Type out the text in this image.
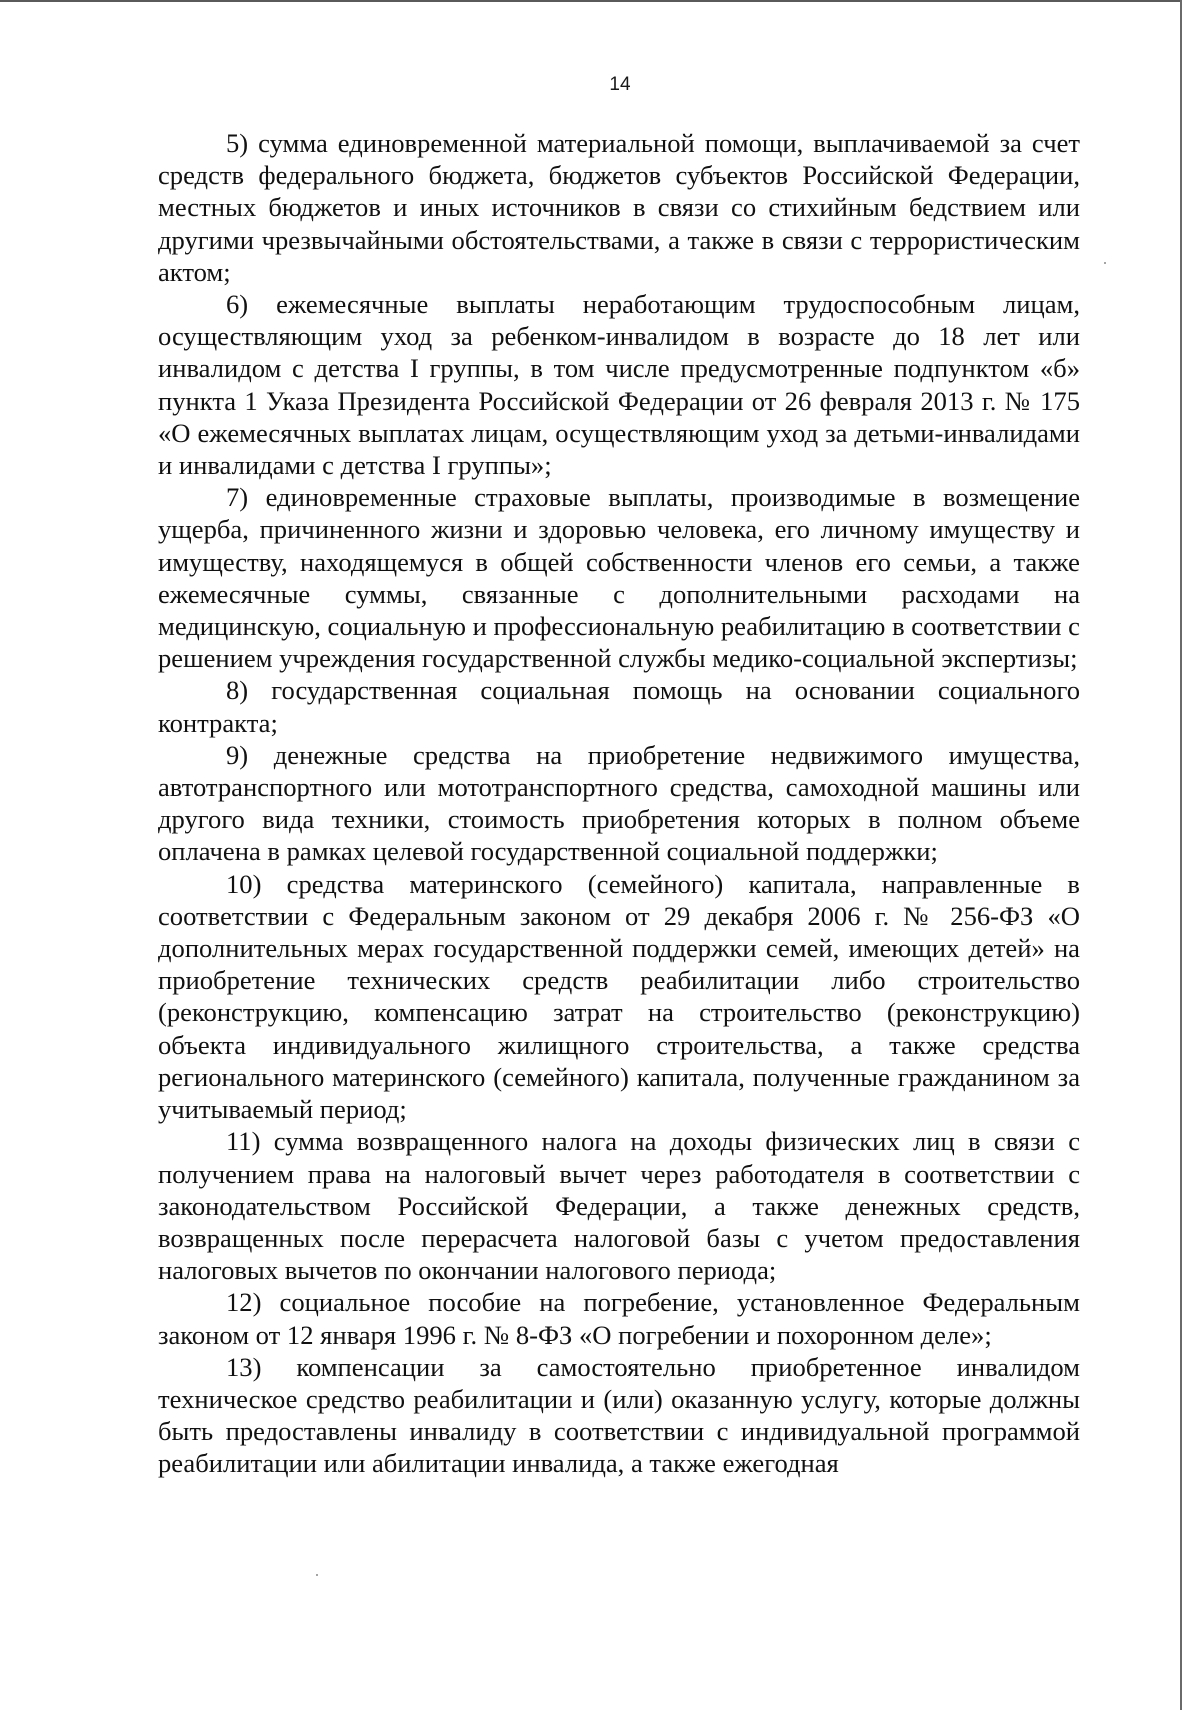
14

5) сумма единовременной материальной помощи, выплачиваемой за счет средств федерального бюджета, бюджетов субъектов Российской Федерации, местных бюджетов и иных источников в связи со стихийным бедствием или другими чрезвычайными обстоятельствами, а также в связи с террористическим актом;

6) ежемесячные выплаты неработающим трудоспособным лицам, осуществляющим уход за ребенком-инвалидом в возрасте до 18 лет или инвалидом с детства I группы, в том числе предусмотренные подпунктом «б» пункта 1 Указа Президента Российской Федерации от 26 февраля 2013 г. № 175 «О ежемесячных выплатах лицам, осуществляющим уход за детьми-инвалидами и инвалидами с детства I группы»;

7) единовременные страховые выплаты, производимые в возмещение ущерба, причиненного жизни и здоровью человека, его личному имуществу и имуществу, находящемуся в общей собственности членов его семьи, а также ежемесячные суммы, связанные с дополнительными расходами на медицинскую, социальную и профессиональную реабилитацию в соответствии с решением учреждения государственной службы медико-социальной экспертизы;

8) государственная социальная помощь на основании социального контракта;

9) денежные средства на приобретение недвижимого имущества, автотранспортного или мототранспортного средства, самоходной машины или другого вида техники, стоимость приобретения которых в полном объеме оплачена в рамках целевой государственной социальной поддержки;

10) средства материнского (семейного) капитала, направленные в соответствии с Федеральным законом от 29 декабря 2006 г. № 256-ФЗ «О дополнительных мерах государственной поддержки семей, имеющих детей» на приобретение технических средств реабилитации либо строительство (реконструкцию, компенсацию затрат на строительство (реконструкцию) объекта индивидуального жилищного строительства, а также средства регионального материнского (семейного) капитала, полученные гражданином за учитываемый период;

11) сумма возвращенного налога на доходы физических лиц в связи с получением права на налоговый вычет через работодателя в соответствии с законодательством Российской Федерации, а также денежных средств, возвращенных после перерасчета налоговой базы с учетом предоставления налоговых вычетов по окончании налогового периода;

12) социальное пособие на погребение, установленное Федеральным законом от 12 января 1996 г. № 8-ФЗ «О погребении и похоронном деле»;

13) компенсации за самостоятельно приобретенное инвалидом техническое средство реабилитации и (или) оказанную услугу, которые должны быть предоставлены инвалиду в соответствии с индивидуальной программой реабилитации или абилитации инвалида, а также ежегодная
